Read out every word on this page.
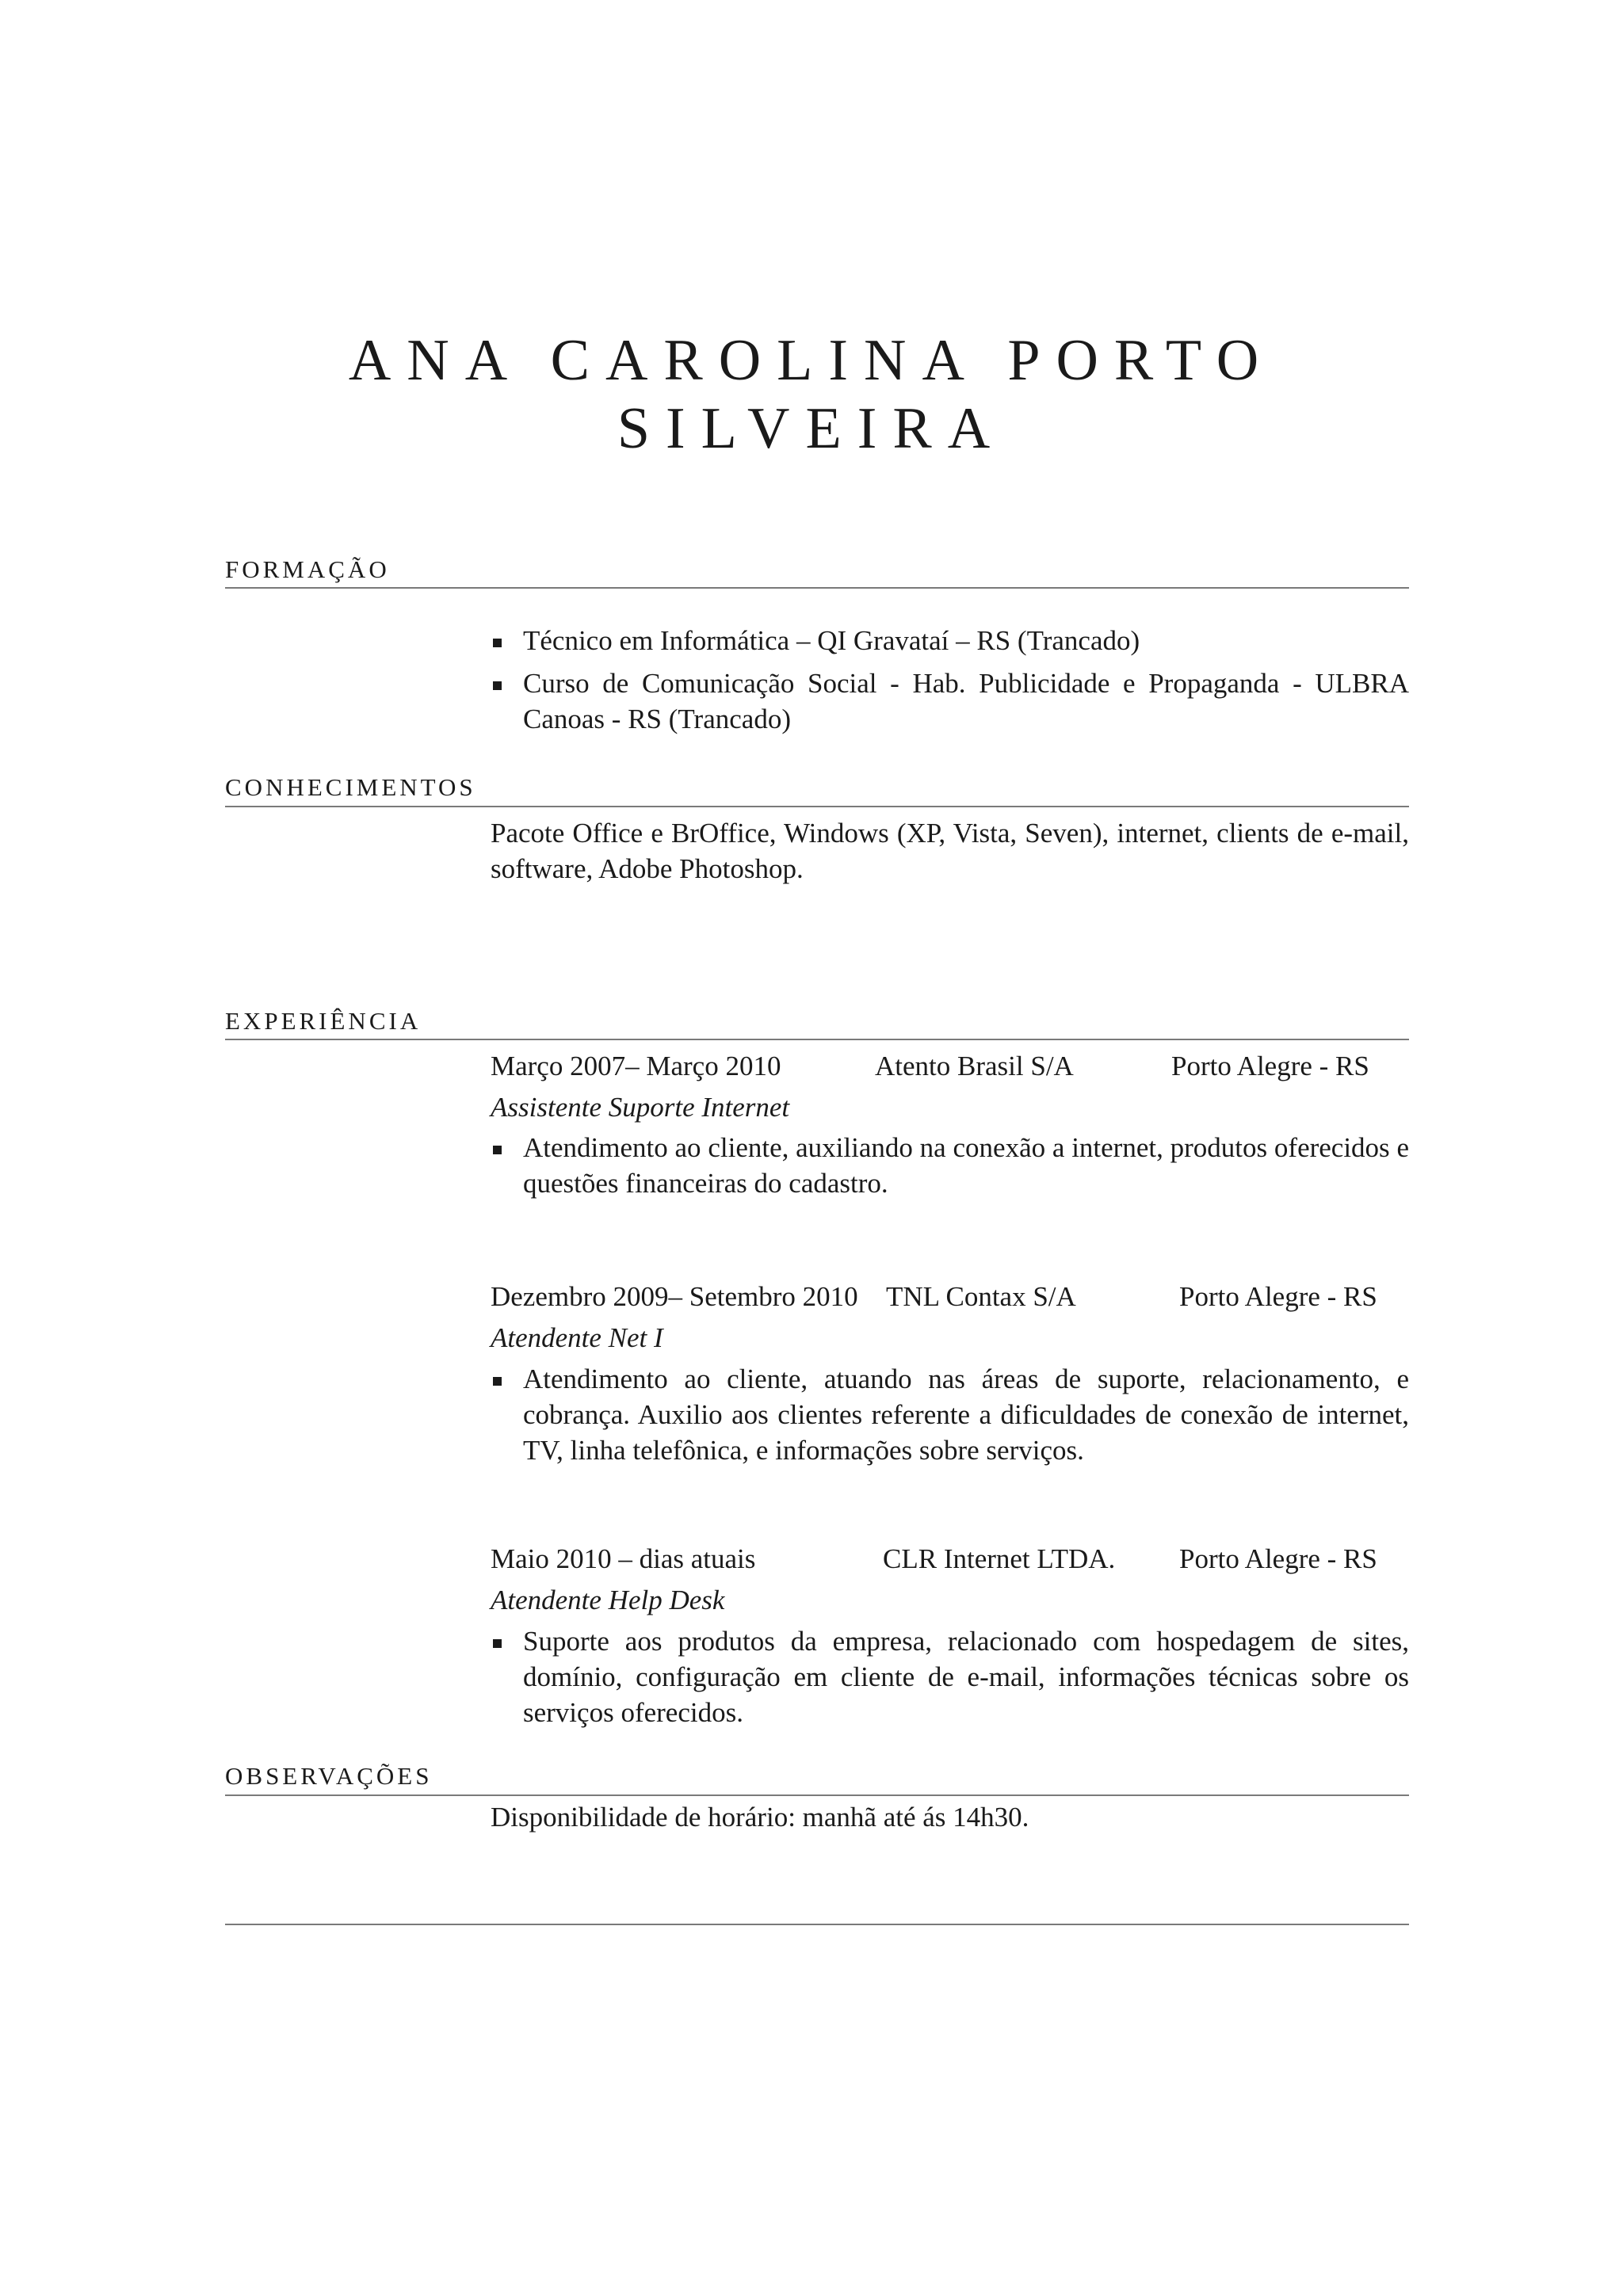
ANA CAROLINA PORTO
SILVEIRA
FORMAÇÃO
Técnico em Informática – QI Gravataí – RS (Trancado)
Curso de Comunicação Social - Hab. Publicidade e Propaganda - ULBRA Canoas - RS (Trancado)
CONHECIMENTOS
Pacote Office e BrOffice, Windows (XP, Vista, Seven), internet, clients de e-mail, software, Adobe Photoshop.
EXPERIÊNCIA
Março 2007– Março 2010	Atento Brasil S/A	Porto Alegre - RS
Assistente Suporte Internet
Atendimento ao cliente, auxiliando na conexão a internet, produtos oferecidos e questões financeiras do cadastro.
Dezembro 2009– Setembro 2010 TNL Contax S/A	Porto Alegre - RS
Atendente Net I
Atendimento ao cliente, atuando nas áreas de suporte, relacionamento, e cobrança. Auxilio aos clientes referente a dificuldades de conexão de internet, TV, linha telefônica, e informações sobre serviços.
Maio 2010 – dias atuais	CLR Internet LTDA. Porto Alegre - RS
Atendente Help Desk
Suporte aos produtos da empresa, relacionado com hospedagem de sites, domínio, configuração em cliente de e-mail, informações técnicas sobre os serviços oferecidos.
OBSERVAÇÕES
Disponibilidade de horário: manhã até ás 14h30.
